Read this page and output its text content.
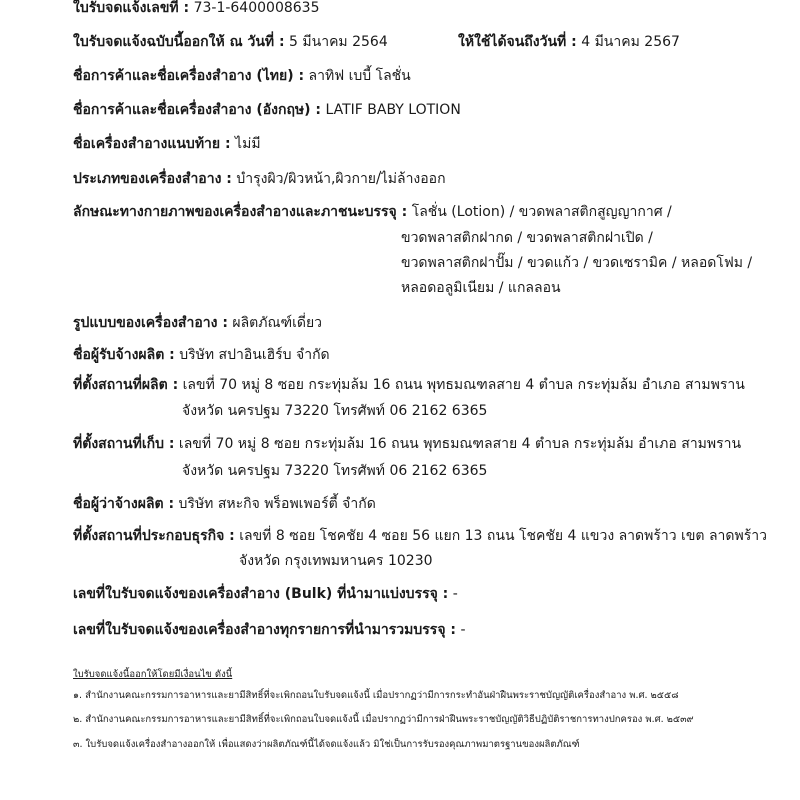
ใบรับจดแจ้งเลขที่ : 73-1-6400008635
ใบรับจดแจ้งฉบับนี้ออกให้ ณ วันที่ : 5 มีนาคม 2564	ให้ใช้ได้จนถึงวันที่ : 4 มีนาคม 2567
ชื่อการค้าและชื่อเครื่องสำอาง (ไทย) : ลาทิฟ เบบี้ โลชั่น
ชื่อการค้าและชื่อเครื่องสำอาง (อังกฤษ) : LATIF BABY LOTION
ชื่อเครื่องสำอางแนบท้าย : ไม่มี
ประเภทของเครื่องสำอาง : บำรุงผิว/ผิวหน้า,ผิวกาย/ไม่ล้างออก
ลักษณะทางกายภาพของเครื่องสำอางและภาชนะบรรจุ : โลชั่น (Lotion) / ขวดพลาสติกสูญญากาศ /
ขวดพลาสติกฝากด / ขวดพลาสติกฝาเปิด /
ขวดพลาสติกฝาปั๊ม / ขวดแก้ว / ขวดเซรามิค / หลอดโฟม /
หลอดอลูมิเนียม / แกลลอน
รูปแบบของเครื่องสำอาง : ผลิตภัณฑ์เดี่ยว
ชื่อผู้รับจ้างผลิต : บริษัท สปาอินเฮิร์บ จำกัด
ที่ตั้งสถานที่ผลิต : เลขที่ 70 หมู่ 8 ซอย กระทุ่มล้ม 16 ถนน พุทธมณฑลสาย 4 ตำบล กระทุ่มล้ม อำเภอ สามพราน
จังหวัด นครปฐม 73220 โทรศัพท์ 06 2162 6365
ที่ตั้งสถานที่เก็บ : เลขที่ 70 หมู่ 8 ซอย กระทุ่มล้ม 16 ถนน พุทธมณฑลสาย 4 ตำบล กระทุ่มล้ม อำเภอ สามพราน
จังหวัด นครปฐม 73220 โทรศัพท์ 06 2162 6365
ชื่อผู้ว่าจ้างผลิต : บริษัท สหะกิจ พร็อพเพอร์ตี้ จำกัด
ที่ตั้งสถานที่ประกอบธุรกิจ : เลขที่ 8 ซอย โชคชัย 4 ซอย 56 แยก 13 ถนน โชคชัย 4 แขวง ลาดพร้าว เขต ลาดพร้าว
จังหวัด กรุงเทพมหานคร 10230
เลขที่ใบรับจดแจ้งของเครื่องสำอาง (Bulk) ที่นำมาแบ่งบรรจุ : -
เลขที่ใบรับจดแจ้งของเครื่องสำอางทุกรายการที่นำมารวมบรรจุ : -
ใบรับจดแจ้งนี้ออกให้โดยมีเงื่อนไข ดังนี้
๑. สำนักงานคณะกรรมการอาหารและยามีสิทธิ์ที่จะเพิกถอนใบรับจดแจ้งนี้ เมื่อปรากฏว่ามีการกระทำอันฝ่าฝืนพระราชบัญญัติเครื่องสำอาง พ.ศ. ๒๕๕๘
๒. สำนักงานคณะกรรมการอาหารและยามีสิทธิ์ที่จะเพิกถอนใบจดแจ้งนี้ เมื่อปรากฏว่ามีการฝ่าฝืนพระราชบัญญัติวิธีปฏิบัติราชการทางปกครอง พ.ศ. ๒๕๓๙
๓. ใบรับจดแจ้งเครื่องสำอางออกให้ เพื่อแสดงว่าผลิตภัณฑ์นี้ได้จดแจ้งแล้ว มิใช่เป็นการรับรองคุณภาพมาตรฐานของผลิตภัณฑ์
